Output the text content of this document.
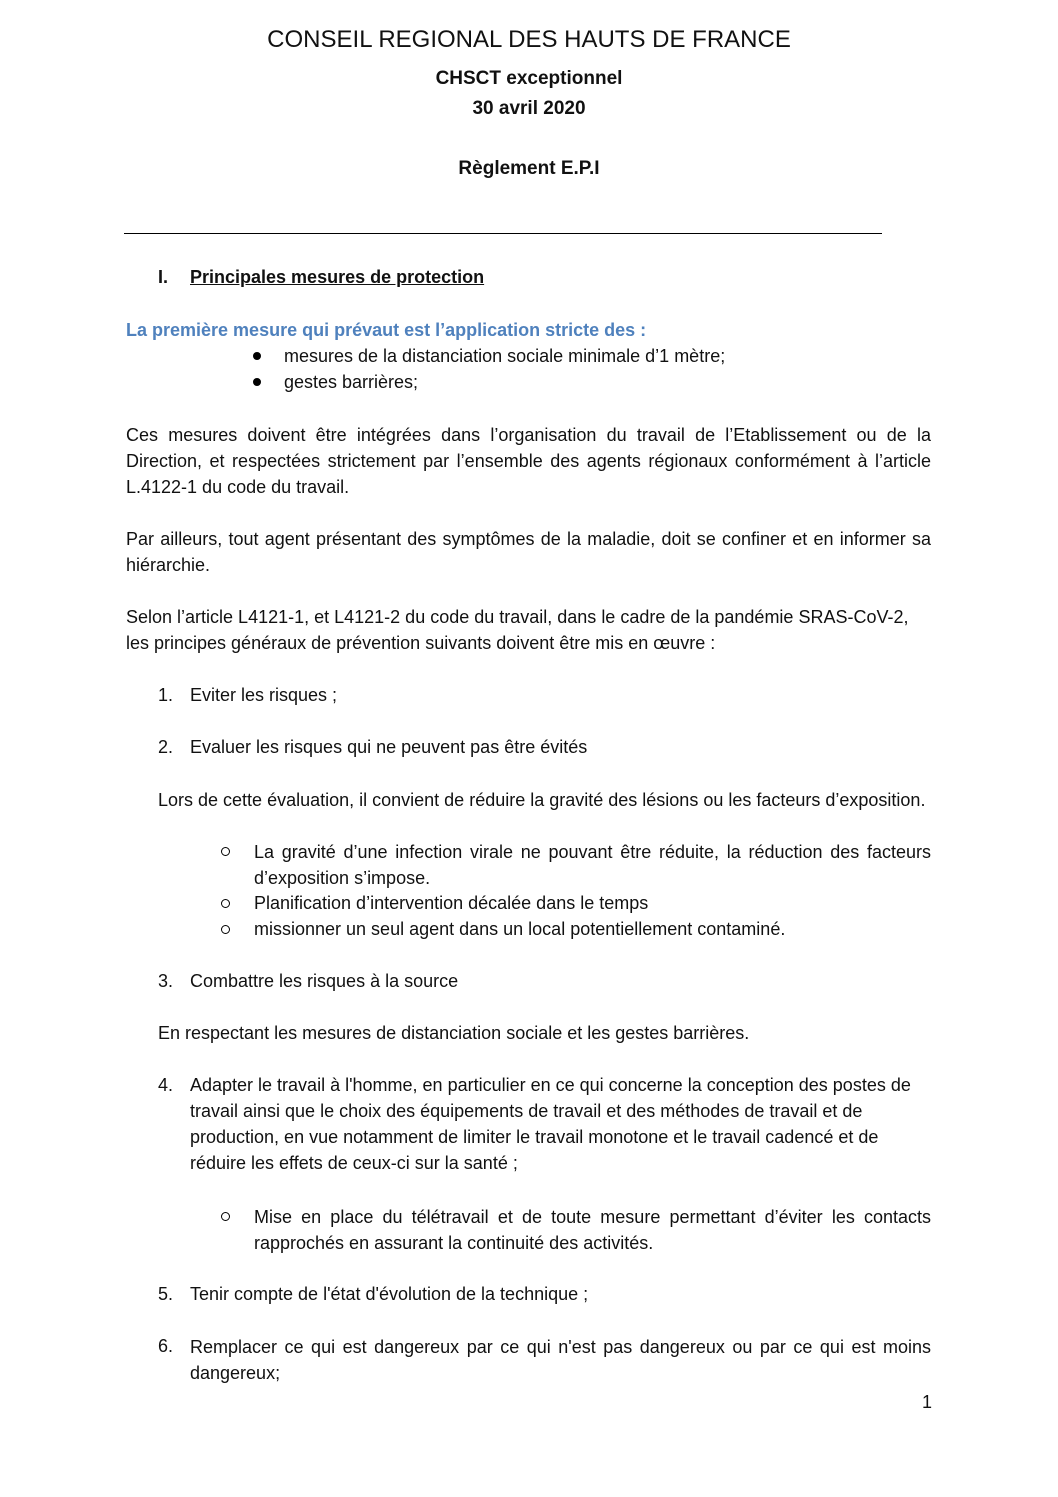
CONSEIL REGIONAL DES HAUTS DE FRANCE
CHSCT exceptionnel
30 avril 2020
Règlement E.P.I
I. Principales mesures de protection
La première mesure qui prévaut est l’application stricte des :
mesures de la distanciation sociale minimale d’1 mètre;
gestes barrières;
Ces mesures doivent être intégrées dans l’organisation du travail de l’Etablissement ou de la Direction, et respectées strictement par l’ensemble des agents régionaux conformément à l’article L.4122-1 du code du travail.
Par ailleurs, tout agent présentant des symptômes de la maladie, doit se confiner et en informer sa hiérarchie.
Selon l’article L4121-1, et L4121-2 du code du travail, dans le cadre de la pandémie SRAS-CoV-2, les principes généraux de prévention suivants doivent être mis en œuvre :
1. Eviter les risques ;
2. Evaluer les risques qui ne peuvent pas être évités
Lors de cette évaluation, il convient de réduire la gravité des lésions ou les facteurs d’exposition.
La gravité d’une infection virale ne pouvant être réduite, la réduction des facteurs d’exposition s’impose.
Planification d’intervention décalée dans le temps
missionner un seul agent dans un local potentiellement contaminé.
3. Combattre les risques à la source
En respectant les mesures de distanciation sociale et les gestes barrières.
4. Adapter le travail à l'homme, en particulier en ce qui concerne la conception des postes de travail ainsi que le choix des équipements de travail et des méthodes de travail et de production, en vue notamment de limiter le travail monotone et le travail cadencé et de réduire les effets de ceux-ci sur la santé ;
Mise en place du télétravail et de toute mesure permettant d’éviter les contacts rapprochés en assurant la continuité des activités.
5. Tenir compte de l'état d'évolution de la technique ;
6. Remplacer ce qui est dangereux par ce qui n'est pas dangereux ou par ce qui est moins dangereux;
1
